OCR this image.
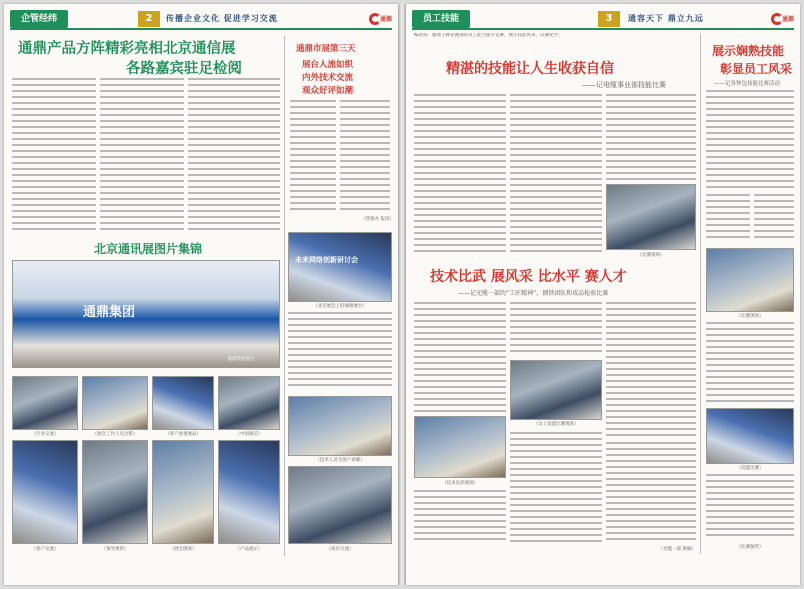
企管经纬	2	传播企业文化 促进学习交流	通源
通鼎产品方阵精彩亮相北京通信展
各路嘉宾驻足检阅
通鼎市展第三天
展台人流如织
内外技术交流
观众好评如潮
（营销办 报讯）
北京通讯展图片集锦
通鼎集团
通鼎集团展台
未来网络创新研讨会
（北京展会上的通源展台）
（行业交流）	（展会工作人员合影）	（客户参观展品）	（中国通信）
（技术人员为客户讲解）
（客户交流）	（领导视察）	（展会现场）	（产品展示）	（高层交流）
员工技能	3	通容天下 鼎立九远	通源
编者按：通鼎王牌竞赛国际员工能力提升竞赛，展示技能风采，以赛促学。
精湛的技能让人生收获自信
——记电缆事业部技能比赛
（比赛现场）
展示娴熟技能
彰显员工风采
——记各钟包技能比赛活动
（比赛现场）
（技能比赛）
（比赛颁奖）
技术比武 展风采 比水平 赛人才
——记光缆一部的“工匠精神”、钢铁团队和成品检验比赛
（员工技能比赛现场）
（技术比武现场）
（光缆一部 供稿）
